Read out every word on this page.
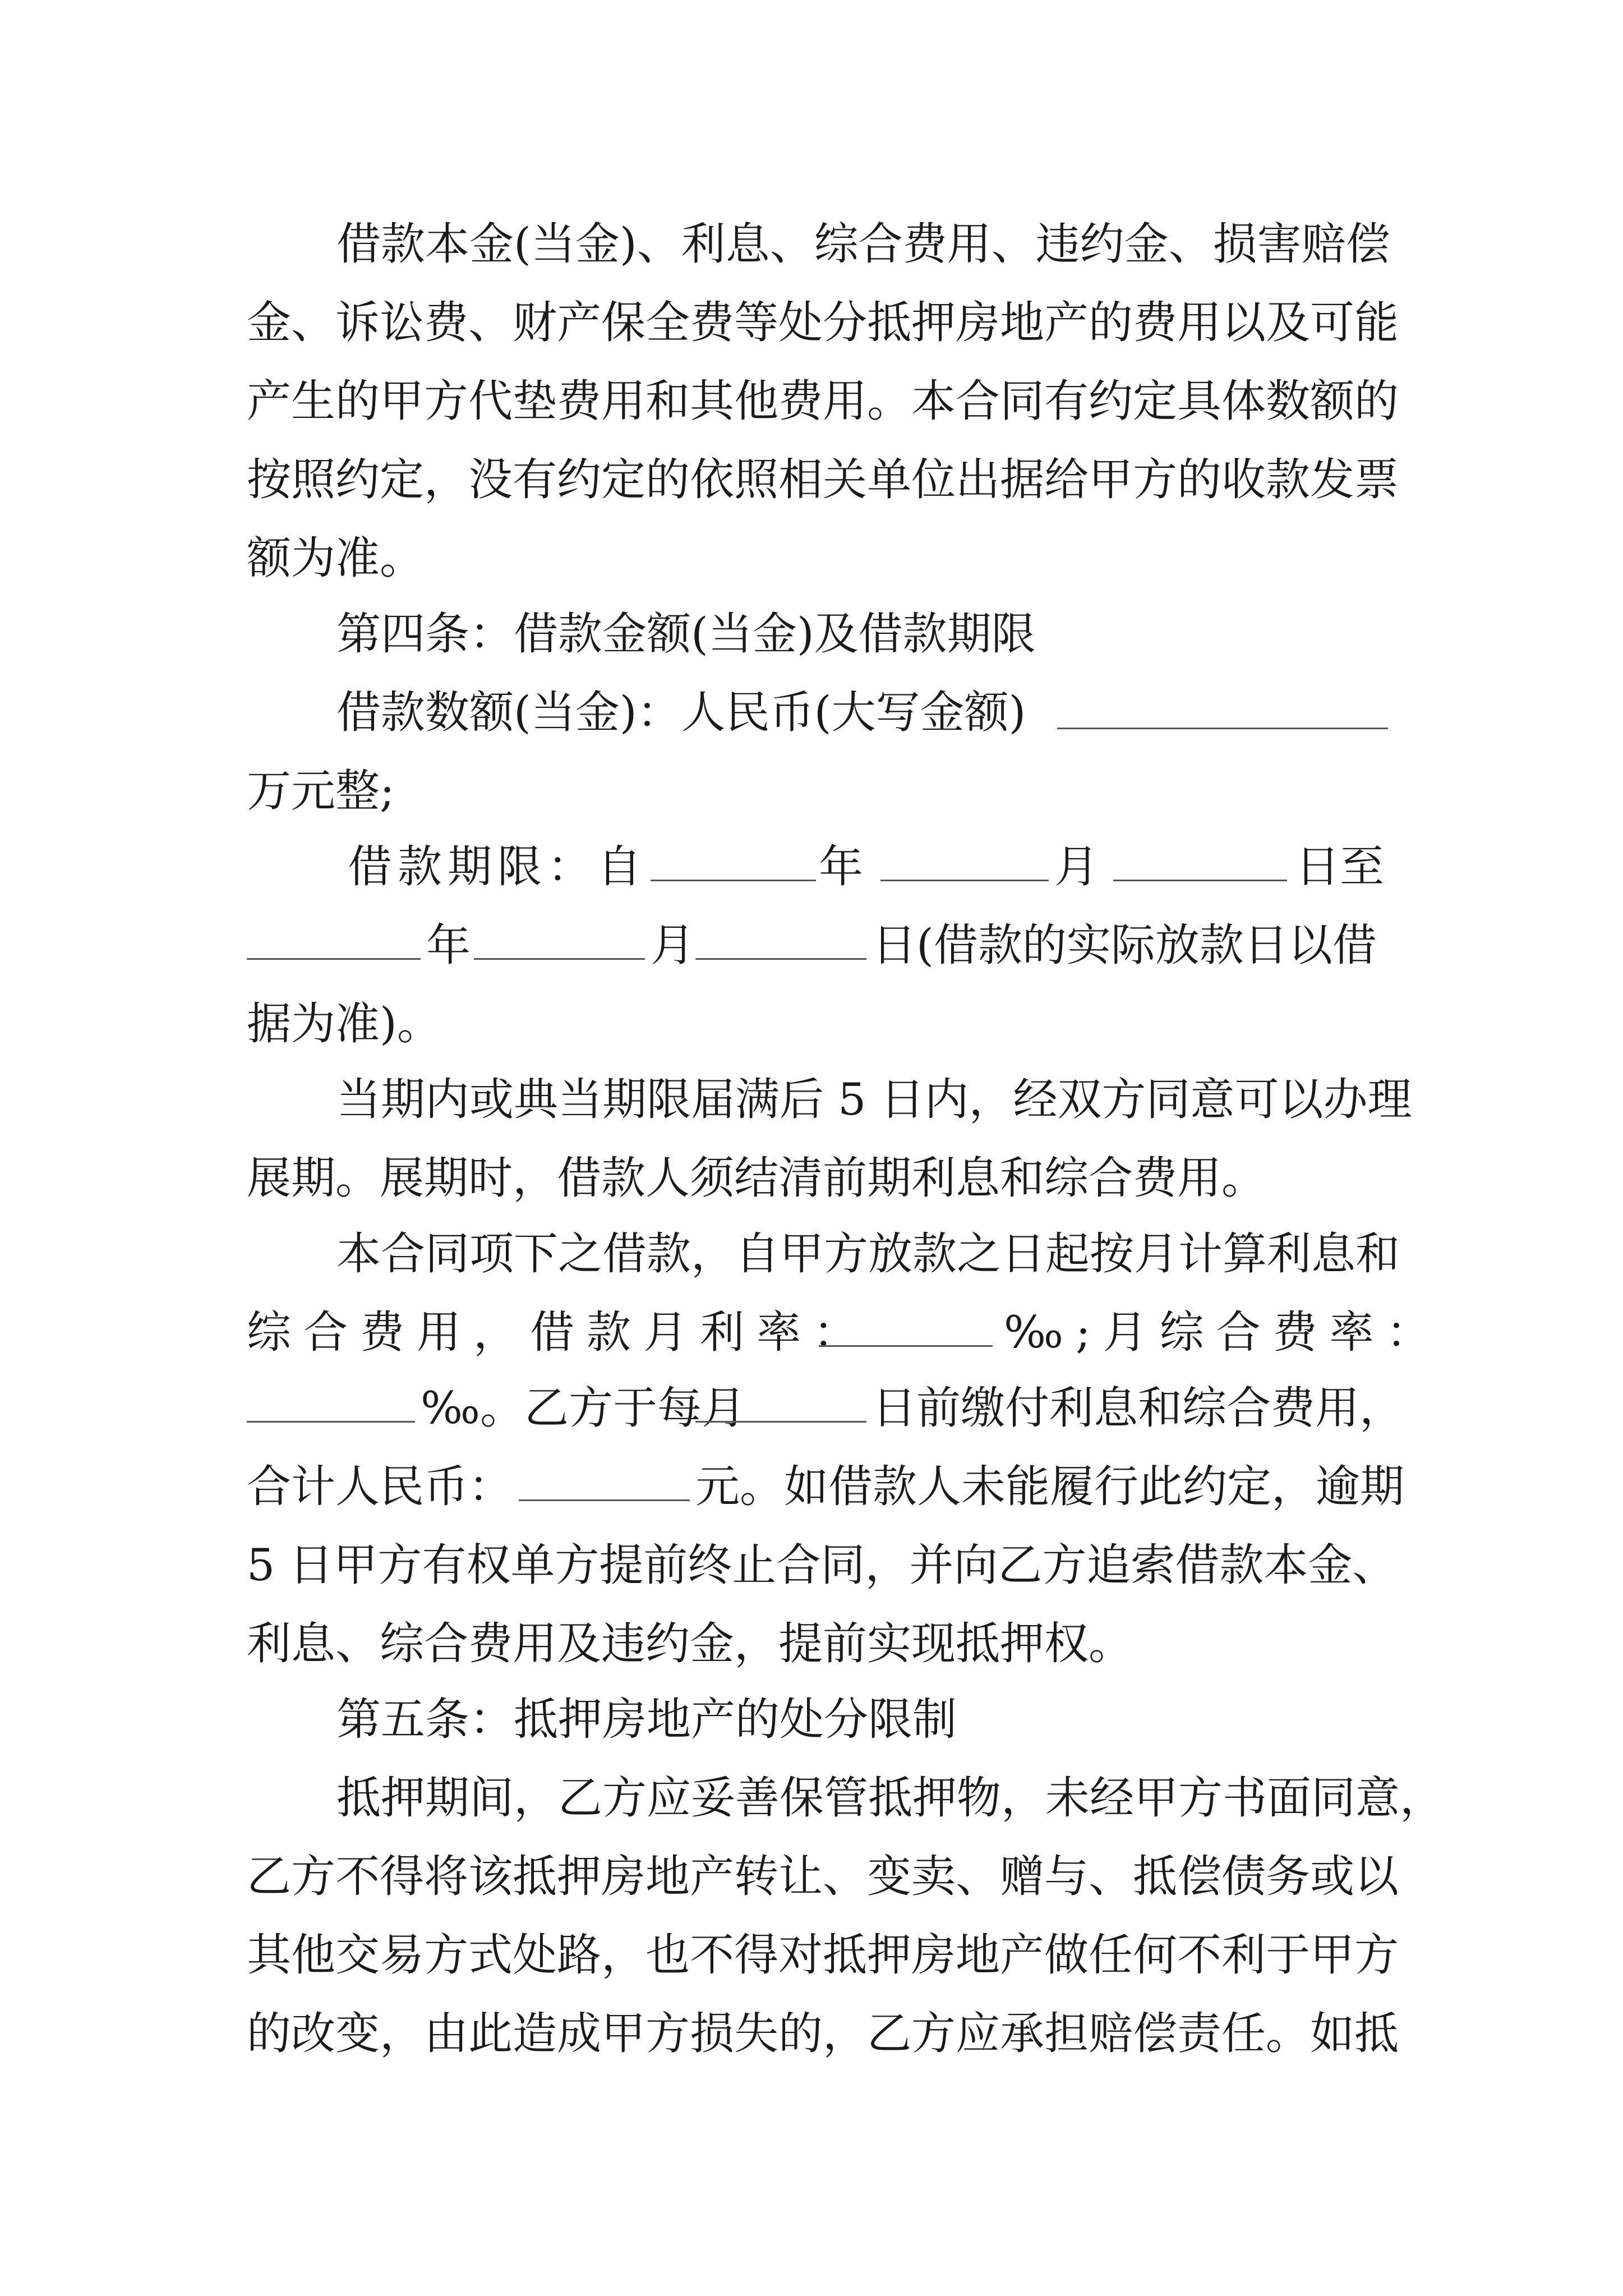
借款本金(当金)、利息、综合费用、违约金、损害赔偿

金、诉讼费、财产保全费等处分抵押房地产的费用以及可能

产生的甲方代垫费用和其他费用。本合同有约定具体数额的

按照约定，没有约定的依照相关单位出据给甲方的收款发票

额为准。

第四条：借款金额(当金)及借款期限

借款数额(当金)：人民币(大写金额)

万元整;

借款期限：自

	年

	月

	日至

年

	月

	日(借款的实际放款日以借

据为准)。

当期内或典当期限届满后 5 日内，经双方同意可以办理

展期。展期时，借款人须结清前期利息和综合费用。

本合同项下之借款，自甲方放款之日起按月计算利息和

综合费用，借款月利率：

	‰;月综合费率：

‰。乙方于每月

	日前缴付利息和综合费用，

合计人民币：

	元。如借款人未能履行此约定，逾期

5 日甲方有权单方提前终止合同，并向乙方追索借款本金、

利息、综合费用及违约金，提前实现抵押权。

第五条：抵押房地产的处分限制

抵押期间，乙方应妥善保管抵押物，未经甲方书面同意，

乙方不得将该抵押房地产转让、变卖、赠与、抵偿债务或以

其他交易方式处路，也不得对抵押房地产做任何不利于甲方

的改变，由此造成甲方损失的，乙方应承担赔偿责任。如抵
